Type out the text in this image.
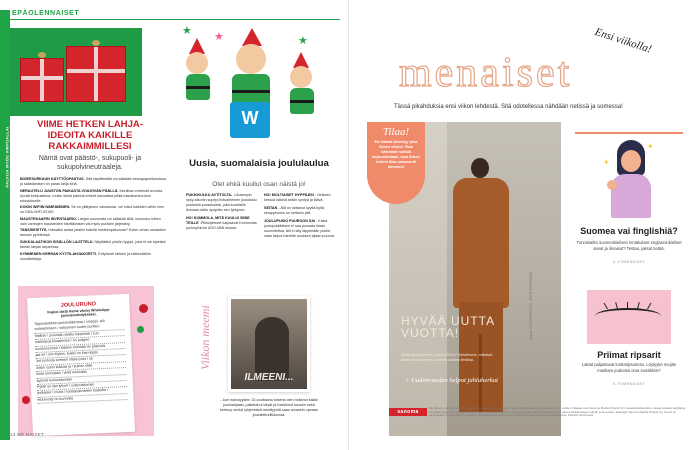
PALVIJA MYÖS VIRPUALLAI
EPÄOLENNAISET
VIIME HETKEN LAHJA-IDEOITA KAIKILLE RAKKAIMMILLESI
Nämä ovat päästö-, sukupuoli- ja sukupolvineutraaleja.

BIOEESURKAUN KÄYTTÖOPASTUS. Sitä käyttämällä voi säästää vessapaperikuluissa, ja säästämisen on paras lahja kinä.

NERAUTELU JUUSTON PAIKASTA VOILEIVÄN PÄÄLLÄ. Monilhan mielestä arvosta hyvää keskustelua, mutta nämä päivinä erheet kannattaa pitää maustumina kuin edustukselle.

KOKIN WIFIIN NIMEÄMINEN. Se on yllätyksen vaivatonta, voi mikoi kaikkien wifiin nimi on DNA-WIFI-02190.

MAUSTEKAAPIN INVENTAARIO. Lahjan suunustta voi säästää siitä, kuuluuko siihen vain vanhojen mausteiden hävittämisen vai myös puriklen järjestely.

TANSSIESITYS. Haluatko antaa jotakin todella mieleenpainuvaa? Kuten oman variaation tanssin pyörteissä.

SUKKALAATIKON SISÄLLÖN LAJITTELU. Näyttääkö yksiön tyyppi, joka ei ole kipeästi tämän lahjan tarpeessa.

KYMMENEN KERRAN KYYTILAHJAKORTTI. Erityisesti tarkien ja stäkestäöön suosikkilahja.

JOULURUNO
Kopioi tästä Hame värisy WhatsApp-joulutervehdykseksi.
Tipporatekkhin joulukokkenssa / sinappi- siili voiteashoisen / sohjoimen tuulee punkkii-
hatlitse / joulundiu avattu kippariaa / suu
maistaa ja kissaleissa / on polyjen-
suudunusmon / kaiteen hellittää ne pilamelä
jaa sir / sim löyttiin, kukkii on ihan kippo
Jos joulusta stressin ottaisi pois / se
olisiin suolu tiukkaa ja / kuinen eläk-
lonta onnistaan / vielä mennään
kylymä rentouttamaan
Pyhät on ilan lyhyet / sukemattomat
polkaiset / mutta / tuulaaisiimaiden koskella /
että levitty on kunnolla
★ ★	★
W
Uusia, suomalaisia joululaulua
Olet ehkä kuullut osan näistä jo!

PUKKIKULKU AVTITOLTA- -Lihaampin nyky-aikohin sopepi lintuaiheinen joululaulu pukkesta puraukuista, joka suoeisille lintuaan-dalla sydydän sen lyhtynen.

HO! KUMMOLA, MITÄ KUULUI SIINE TEILLE -Pikkuljeleset kalpaavat Kummolas joulunyhinnä UDO-MMI-klossa.

HO! MOLTIAISET HYPPÄÄSI - Hetkeen kestuä näkinä seikin syntyä ja ikävä.

SEITAN - Älä on laittanut kyytiä kyltä, sinapphumiu on seitanin yllä.

JOULUPUKKI PUUROON SAI - Kiska joulupukkilaisen ei saa puusata ilman suunniteltua, äiti ei käy läppimään pukile, vaan tarjoa häneille suuksen sijaan puuroa.

Viikon meemi
ILMEENI...
...kun manslyykien 15-vuotiaana toisena olen hoitanut kaikki joululahjaasi, paketoinut lahjat ja haekkinut kuusen sekä kertony minkä ryhjensävä merittyyntä saan ainankin upeaan joulutietturillidomaa.
14 ME NAISET
Ensi viikolla!
menaiset
Tässä pikahduksia ensi viikon lehdestä. Sitä odotellessa nähdään netissä ja somessa!
Tilaa!
Me Naiset ilmestyy joka ikinen viikko! Tilaa kätevästi netistä tarjoushintaan, saat ilokisi lehteni tilaa sanoma.fi/ menaiset
HYVÄÄ UUTTA VUOTTA!
Mistä innostumme vuonna 2024? Selvitimme, millaiset asiat nousevat ensi vuonna uusiksi ilmiöksi.
+ Uudenvuoden helpot juhlaherkut
Kuvat: ISTOCKPHOTO, SHUTTERSTOCK
✦
✦
Suomea vai finglishiä?
Tunnistatko suomenkielisen lentäluiteet englanninkieliset sanat ja ilmaisut? Testaa, jaksat tietää.
IL.FI/MENAISET
Priimat ripsarit
Laktat paljastavat luottaripsarinsa. Löytyykö meijän maskara joukosta oma suosikkisi?
IL.FI/MENAISET
sanoma
Me Naiset – lehden toiseksi, ilmiantaakt ja suottimien tuottuteet. Kaiso vinkkejä etsiva painosnauviilist – Lehden Olaajaa oset Sanoma Media Finland Oy:n asiakasrekisteröiksi, saaaa voidaan käyttää ja luovuttaa Sanoman markkinointialhin myös suoramarkkinointiin. Sanoma Media Finland Oy:llä on tietoa oikeus kieltää tietojen käyttö ja luovuttaa. Julkaisija: Sanoma Media Finland Oy. Kanal- ja painopaikka: Punamusta Oy. Lehteen tallennettuja aineistoja saa käyttää yhtiön ilmoittamissa tarkoituksissa. Painettu Suomessa.
